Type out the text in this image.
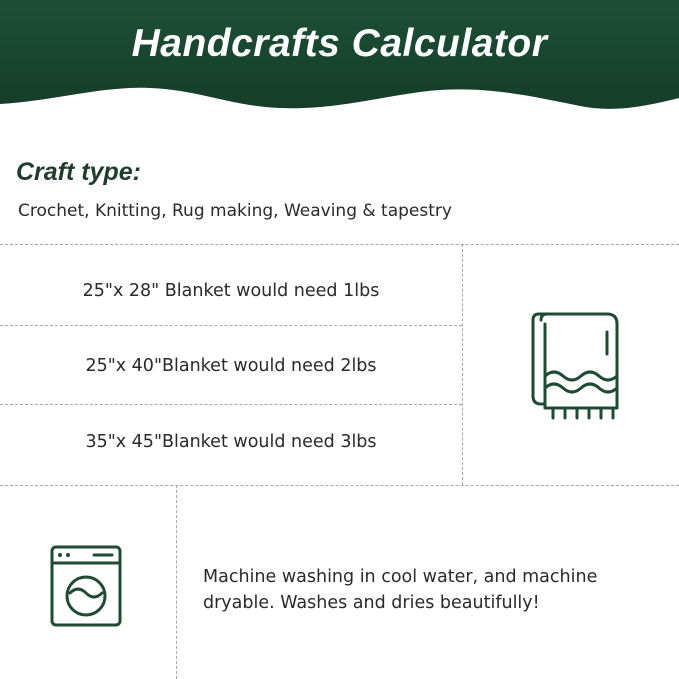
Handcrafts Calculator
Craft type:
Crochet, Knitting, Rug making, Weaving & tapestry
25"x 28" Blanket would need 1lbs
25"x 40"Blanket would need 2lbs
35"x 45"Blanket would need 3lbs
Machine washing in cool water, and machine
dryable. Washes and dries beautifully!
